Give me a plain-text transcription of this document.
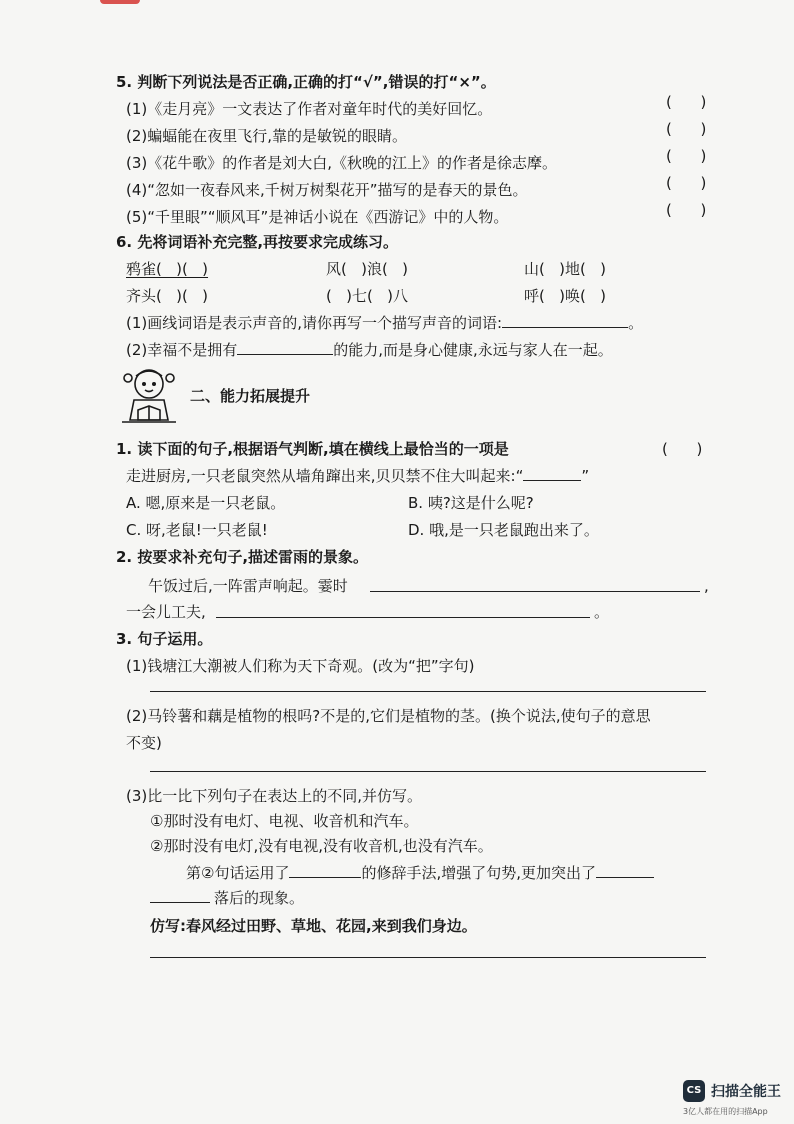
5. 判断下列说法是否正确,正确的打“√”,错误的打“×”。
(1)《走月亮》一文表达了作者对童年时代的美好回忆。	(      )
(2)蝙蝠能在夜里飞行,靠的是敏锐的眼睛。	(      )
(3)《花牛歌》的作者是刘大白,《秋晚的江上》的作者是徐志摩。	(      )
(4)“忽如一夜春风来,千树万树梨花开”描写的是春天的景色。	(      )
(5)“千里眼”“顺风耳”是神话小说在《西游记》中的人物。	(      )
6. 先将词语补充完整,再按要求完成练习。
鸦雀(   )(   )	风(   )浪(   )	山(   )地(   )
齐头(   )(   )	(   )七(   )八	呼(   )唤(   )
(1)画线词语是表示声音的,请你再写一个描写声音的词语:	。
(2)幸福不是拥有	的能力,而是身心健康,永远与家人在一起。
二、能力拓展提升
1. 读下面的句子,根据语气判断,填在横线上最恰当的一项是	(      )
走进厨房,一只老鼠突然从墙角蹿出来,贝贝禁不住大叫起来:“	”
A. 嗯,原来是一只老鼠。	B. 咦?这是什么呢?
C. 呀,老鼠!一只老鼠!	D. 哦,是一只老鼠跑出来了。
2. 按要求补充句子,描述雷雨的景象。
午饭过后,一阵雷声响起。霎时	,
一会儿工夫,	。
3. 句子运用。
(1)钱塘江大潮被人们称为天下奇观。(改为“把”字句)
(2)马铃薯和藕是植物的根吗?不是的,它们是植物的茎。(换个说法,使句子的意思
不变)
(3)比一比下列句子在表达上的不同,并仿写。
①那时没有电灯、电视、收音机和汽车。
②那时没有电灯,没有电视,没有收音机,也没有汽车。
第②句话运用了	的修辞手法,增强了句势,更加突出了
落后的现象。
仿写:春风经过田野、草地、花园,来到我们身边。
CS 扫描全能王
3亿人都在用的扫描App
